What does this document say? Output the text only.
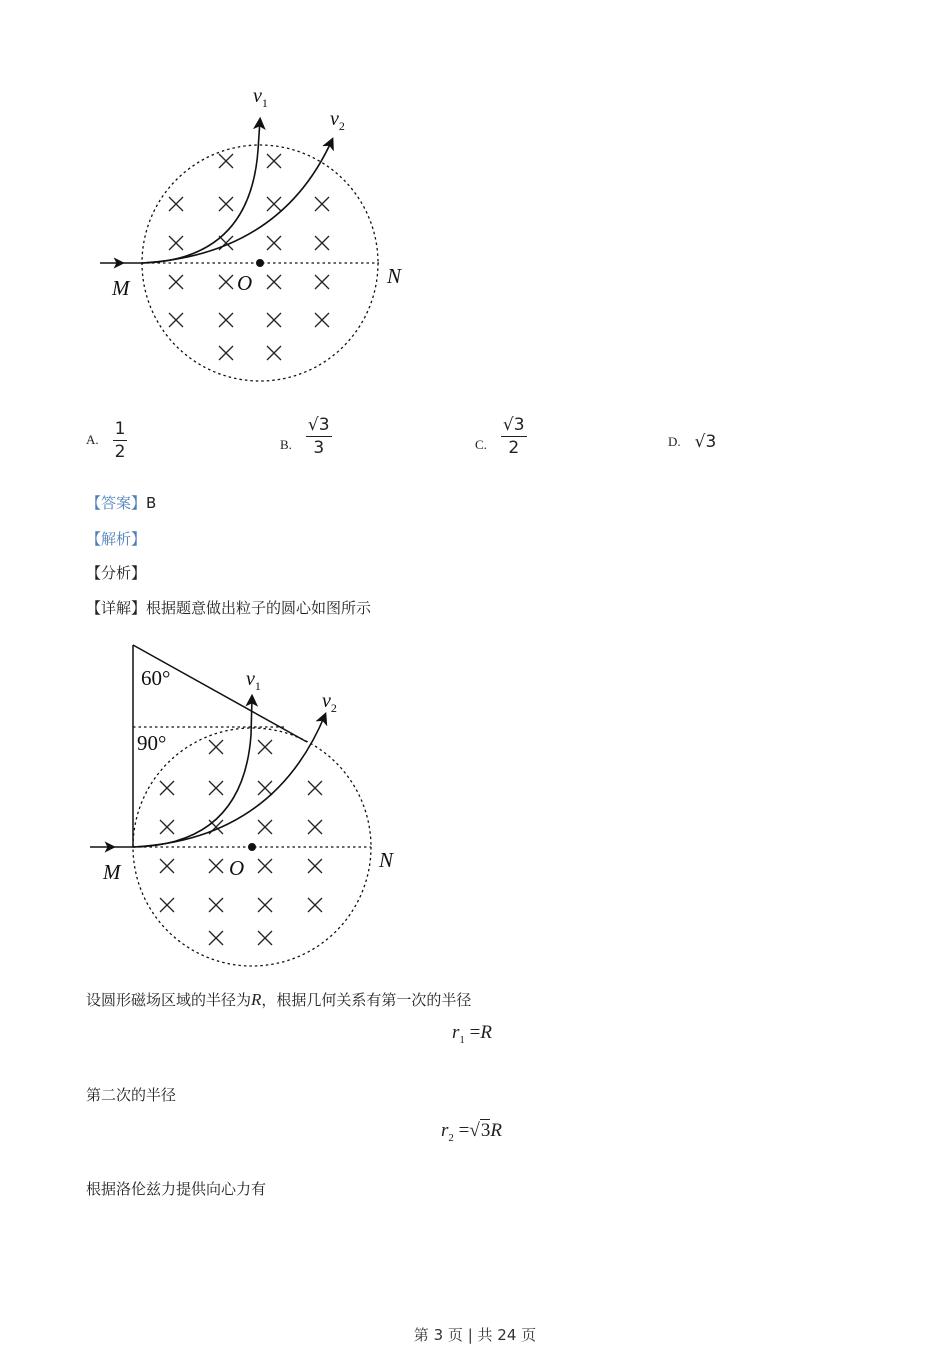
$v_1$
$v_2$
M	N
O
A. $\frac{1}{2}$	B. $\frac{√3}{3}$	C. $\frac{√3}{2}$	D. √3
【答案】B
【解析】
【分析】
【详解】根据题意做出粒子的圆心如图所示
60°
90°
$v_1$
$v_2$
M	N
O
设圆形磁场区域的半径为R，根据几何关系有第一次的半径
$r_1 =R$
第二次的半径
$r_2 =√3R$
根据洛伦兹力提供向心力有
第 3 页 | 共 24 页
